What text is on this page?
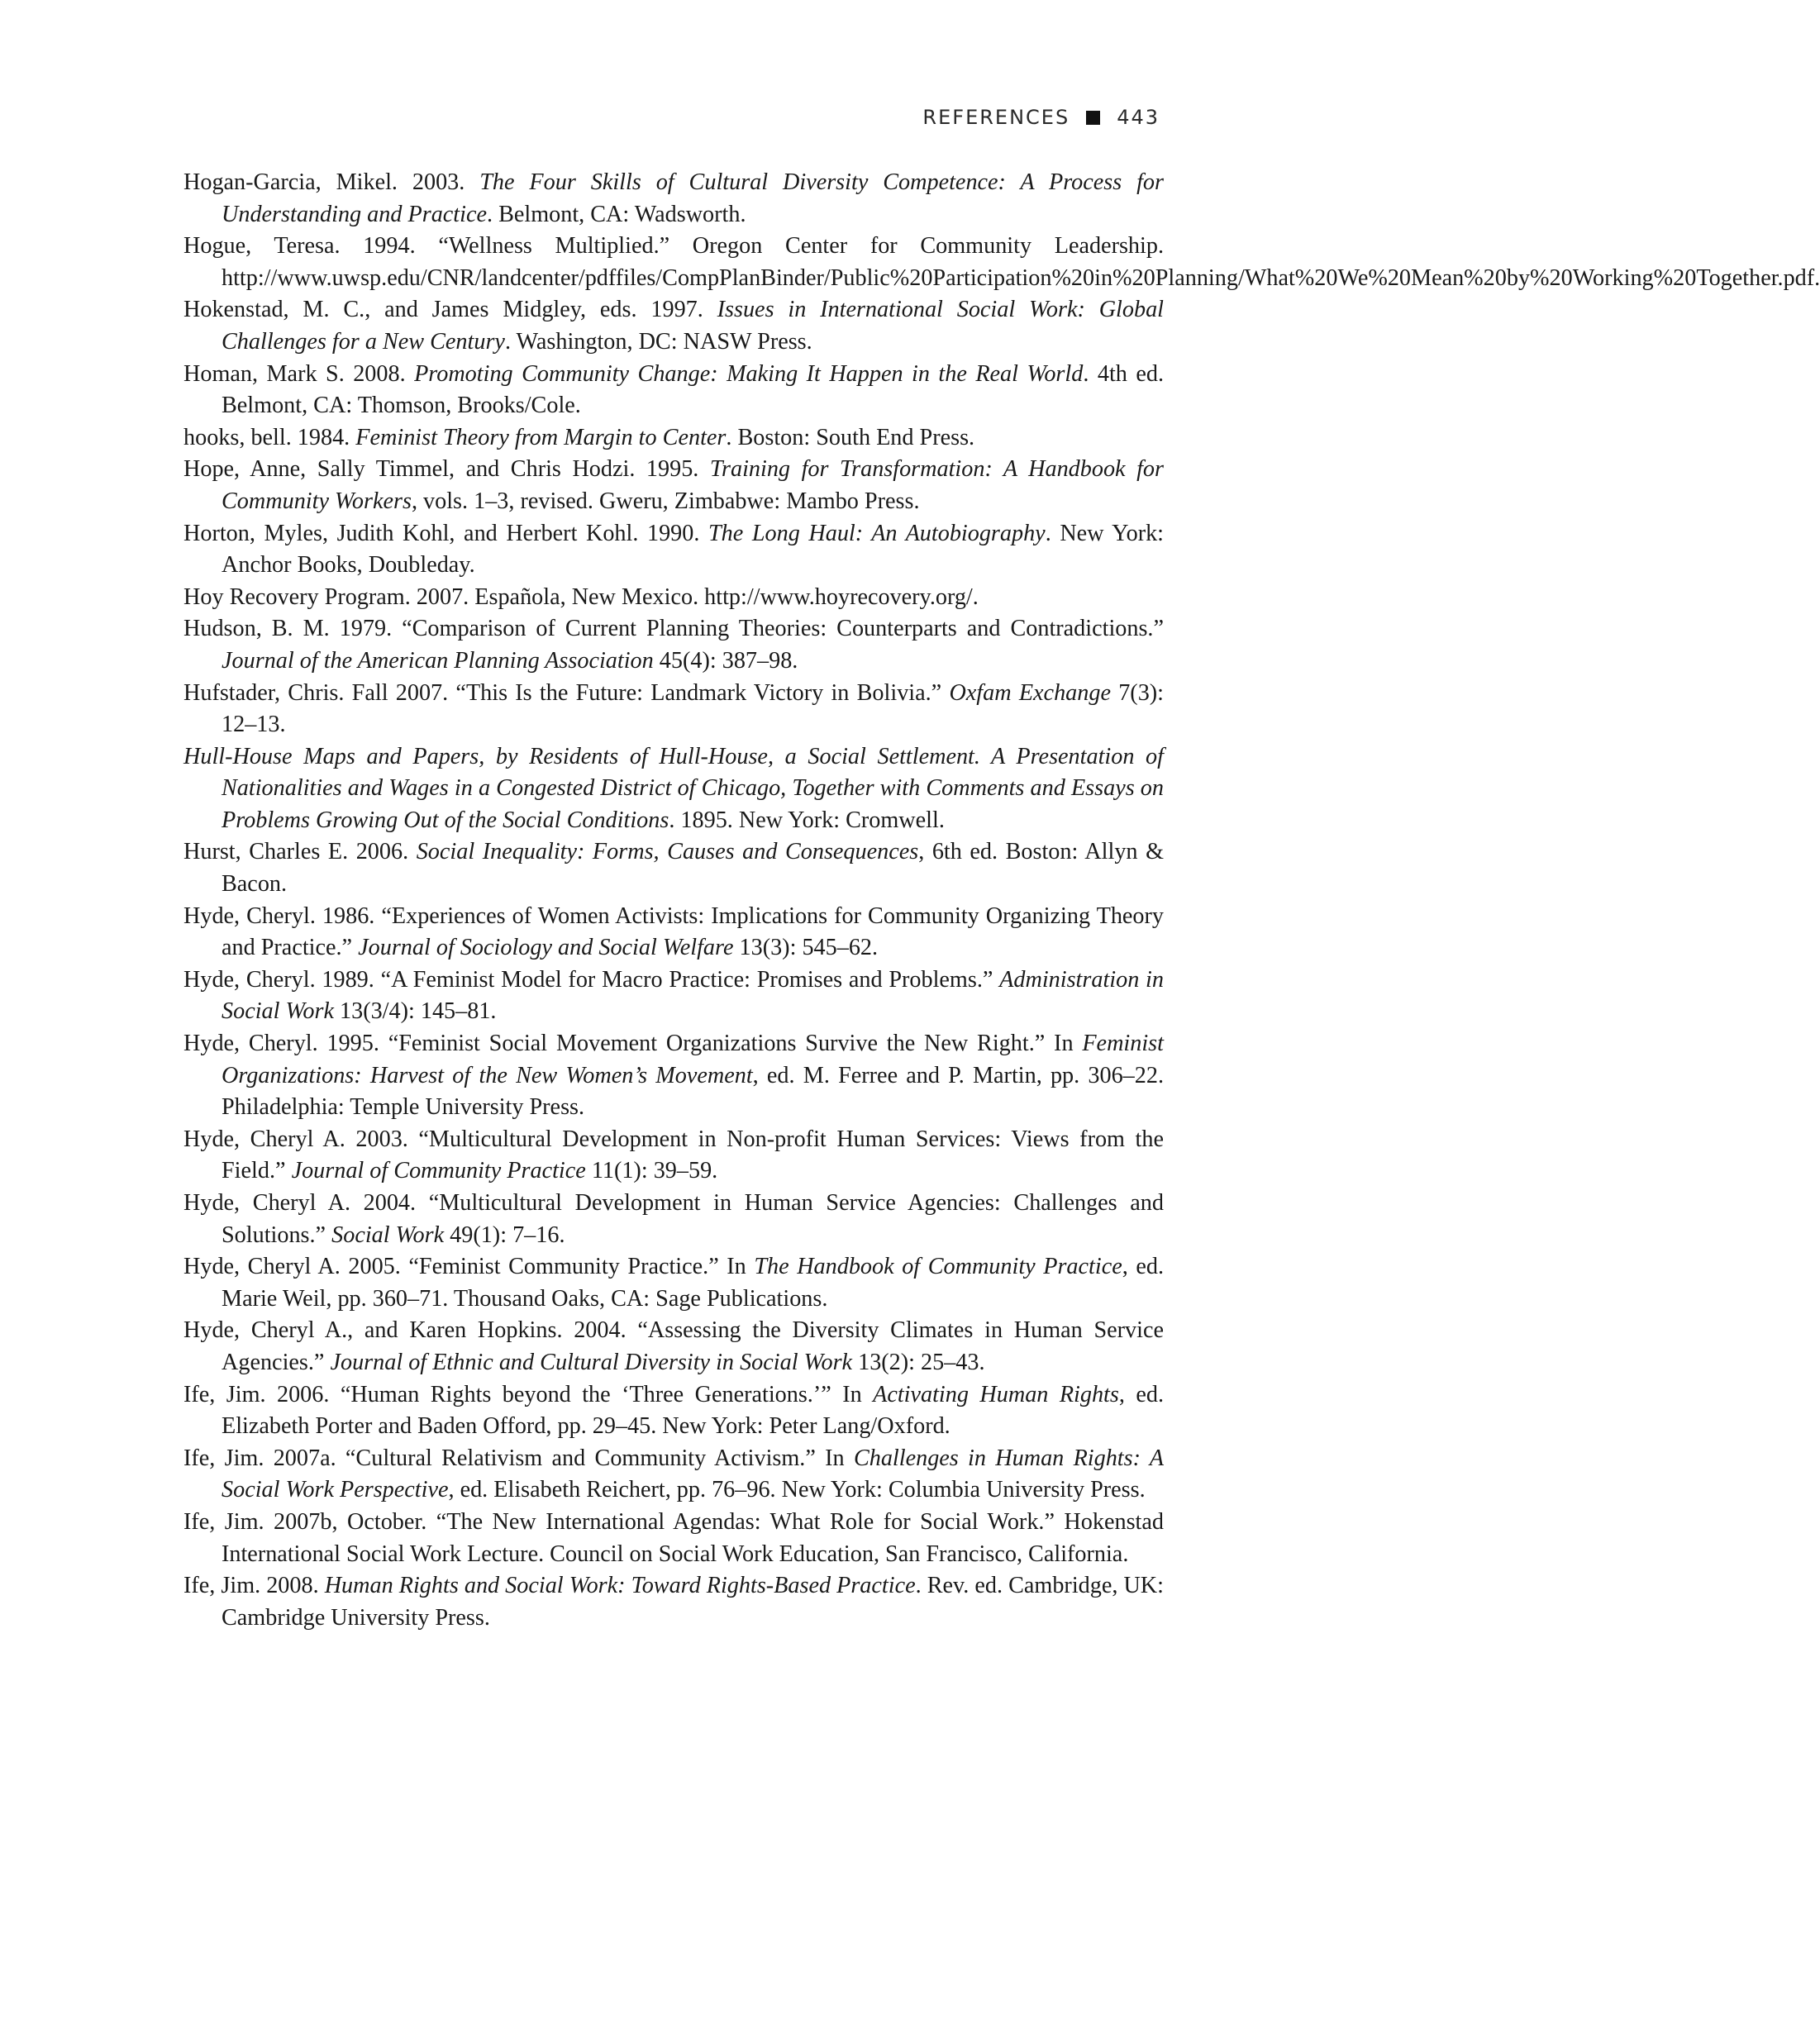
REFERENCES 443

Hogan-Garcia, Mikel. 2003. The Four Skills of Cultural Diversity Competence: A Process for Understanding and Practice. Belmont, CA: Wadsworth.

Hogue, Teresa. 1994. “Wellness Multiplied.” Oregon Center for Community Leadership. http://www.uwsp.edu/CNR/landcenter/pdffiles/CompPlanBinder/Public%20Participation%20in%20Planning/What%20We%20Mean%20by%20Working%20Together.pdf.

Hokenstad, M. C., and James Midgley, eds. 1997. Issues in International Social Work: Global Challenges for a New Century. Washington, DC: NASW Press.

Homan, Mark S. 2008. Promoting Community Change: Making It Happen in the Real World. 4th ed. Belmont, CA: Thomson, Brooks/Cole.

hooks, bell. 1984. Feminist Theory from Margin to Center. Boston: South End Press.

Hope, Anne, Sally Timmel, and Chris Hodzi. 1995. Training for Transformation: A Handbook for Community Workers, vols. 1–3, revised. Gweru, Zimbabwe: Mambo Press.

Horton, Myles, Judith Kohl, and Herbert Kohl. 1990. The Long Haul: An Autobiography. New York: Anchor Books, Doubleday.

Hoy Recovery Program. 2007. Española, New Mexico. http://www.hoyrecovery.org/.

Hudson, B. M. 1979. “Comparison of Current Planning Theories: Counterparts and Contradictions.” Journal of the American Planning Association 45(4): 387–98.

Hufstader, Chris. Fall 2007. “This Is the Future: Landmark Victory in Bolivia.” Oxfam Exchange 7(3): 12–13.

Hull-House Maps and Papers, by Residents of Hull-House, a Social Settlement. A Presentation of Nationalities and Wages in a Congested District of Chicago, Together with Comments and Essays on Problems Growing Out of the Social Conditions. 1895. New York: Cromwell.

Hurst, Charles E. 2006. Social Inequality: Forms, Causes and Consequences, 6th ed. Boston: Allyn & Bacon.

Hyde, Cheryl. 1986. “Experiences of Women Activists: Implications for Community Organizing Theory and Practice.” Journal of Sociology and Social Welfare 13(3): 545–62.

Hyde, Cheryl. 1989. “A Feminist Model for Macro Practice: Promises and Problems.” Administration in Social Work 13(3/4): 145–81.

Hyde, Cheryl. 1995. “Feminist Social Movement Organizations Survive the New Right.” In Feminist Organizations: Harvest of the New Women’s Movement, ed. M. Ferree and P. Martin, pp. 306–22. Philadelphia: Temple University Press.

Hyde, Cheryl A. 2003. “Multicultural Development in Non-profit Human Services: Views from the Field.” Journal of Community Practice 11(1): 39–59.

Hyde, Cheryl A. 2004. “Multicultural Development in Human Service Agencies: Challenges and Solutions.” Social Work 49(1): 7–16.

Hyde, Cheryl A. 2005. “Feminist Community Practice.” In The Handbook of Community Practice, ed. Marie Weil, pp. 360–71. Thousand Oaks, CA: Sage Publications.

Hyde, Cheryl A., and Karen Hopkins. 2004. “Assessing the Diversity Climates in Human Service Agencies.” Journal of Ethnic and Cultural Diversity in Social Work 13(2): 25–43.

Ife, Jim. 2006. “Human Rights beyond the ‘Three Generations.’” In Activating Human Rights, ed. Elizabeth Porter and Baden Offord, pp. 29–45. New York: Peter Lang/Oxford.

Ife, Jim. 2007a. “Cultural Relativism and Community Activism.” In Challenges in Human Rights: A Social Work Perspective, ed. Elisabeth Reichert, pp. 76–96. New York: Columbia University Press.

Ife, Jim. 2007b, October. “The New International Agendas: What Role for Social Work.” Hokenstad International Social Work Lecture. Council on Social Work Education, San Francisco, California.

Ife, Jim. 2008. Human Rights and Social Work: Toward Rights-Based Practice. Rev. ed. Cambridge, UK: Cambridge University Press.
